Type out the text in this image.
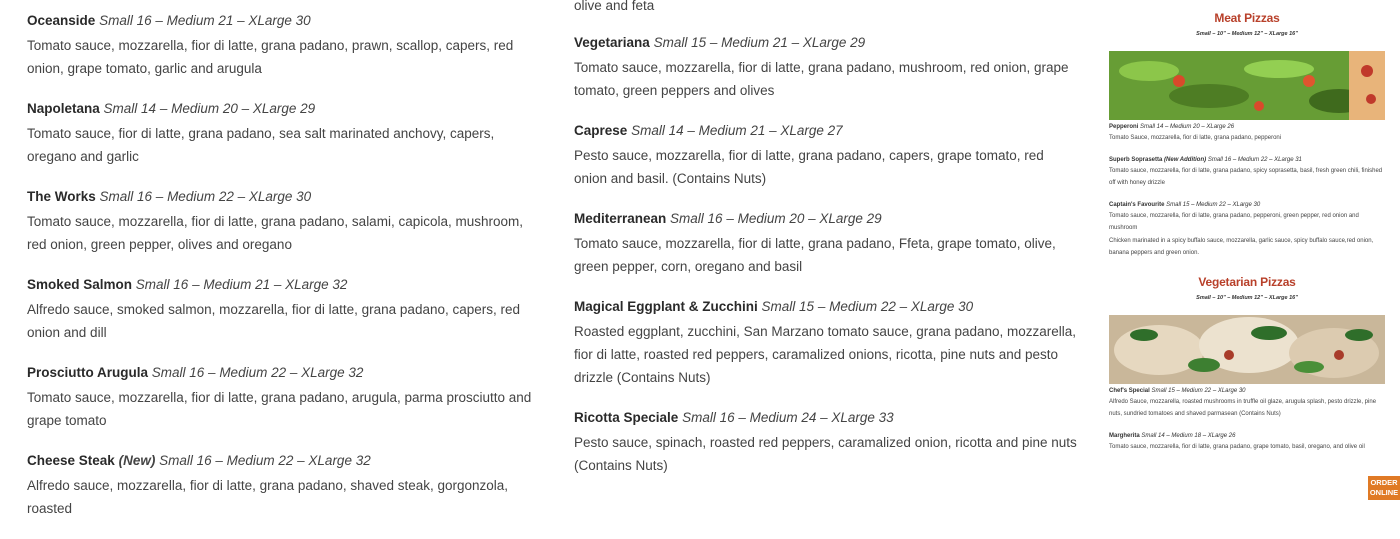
Oceanside Small 16 – Medium 21 – XLarge 30
Tomato sauce, mozzarella, fior di latte, grana padano, prawn, scallop, capers, red onion, grape tomato, garlic and arugula
Napoletana Small 14 – Medium 20 – XLarge 29
Tomato sauce, fior di latte, grana padano, sea salt marinated anchovy, capers, oregano and garlic
The Works Small 16 – Medium 22 – XLarge 30
Tomato sauce, mozzarella, fior di latte, grana padano, salami, capicola, mushroom, red onion, green pepper, olives and oregano
Smoked Salmon Small 16 – Medium 21 – XLarge 32
Alfredo sauce, smoked salmon, mozzarella, fior di latte, grana padano, capers, red onion and dill
Prosciutto Arugula Small 16 – Medium 22 – XLarge 32
Tomato sauce, mozzarella, fior di latte, grana padano, arugula, parma prosciutto and grape tomato
Cheese Steak (New) Small 16 – Medium 22 – XLarge 32
Alfredo sauce, mozzarella, fior di latte, grana padano, shaved steak, gorgonzola, roasted
olive and feta
Vegetariana Small 15 – Medium 21 – XLarge 29
Tomato sauce, mozzarella, fior di latte, grana padano, mushroom, red onion, grape tomato, green peppers and olives
Caprese Small 14 – Medium 21 – XLarge 27
Pesto sauce, mozzarella, fior di latte, grana padano, capers, grape tomato, red onion and basil. (Contains Nuts)
Mediterranean Small 16 – Medium 20 – XLarge 29
Tomato sauce, mozzarella, fior di latte, grana padano, Ffeta, grape tomato, olive, green pepper, corn, oregano and basil
Magical Eggplant & Zucchini Small 15 – Medium 22 – XLarge 30
Roasted eggplant, zucchini, San Marzano tomato sauce, grana padano, mozzarella, fior di latte, roasted red peppers, caramalized onions, ricotta, pine nuts and pesto drizzle (Contains Nuts)
Ricotta Speciale Small 16 – Medium 24 – XLarge 33
Pesto sauce, spinach, roasted red peppers, caramalized onion, ricotta and pine nuts (Contains Nuts)
Meat Pizzas
Small – 10" – Medium 12" – XLarge 16"
Pepperoni Small 14 – Medium 20 – XLarge 26
Tomato Sauce, mozzarella, fior di latte, grana padano, pepperoni
Superb Soprasetta (New Addition) Small 16 – Medium 22 – XLarge 31
Tomato sauce, mozzarella, fior di latte, grana padano, spicy soprasetta, basil, fresh green chili, finished off with honey drizzle
Captain's Favourite Small 15 – Medium 22 – XLarge 30
Tomato sauce, mozzarella, fior di latte, grana padano, pepperoni, green pepper, red onion and mushroom
Chicken marinated in a spicy buffalo sauce, mozzarella, garlic sauce, spicy buffalo sauce,red onion, banana peppers and green onion.
Vegetarian Pizzas
Small – 10" – Medium 12" – XLarge 16"
Chef's Special Small 15 – Medium 22 – XLarge 30
Alfredo Sauce, mozzarella, roasted mushrooms in truffle oil glaze, arugula splash, pesto drizzle, pine nuts, sundried tomatoes and shaved parmasean (Contains Nuts)
Margherita Small 14 – Medium 18 – XLarge 26
Tomato sauce, mozzarella, fior di latte, grana padano, grape tomato, basil, oregano, and olive oil
ORDER
ONLINE
